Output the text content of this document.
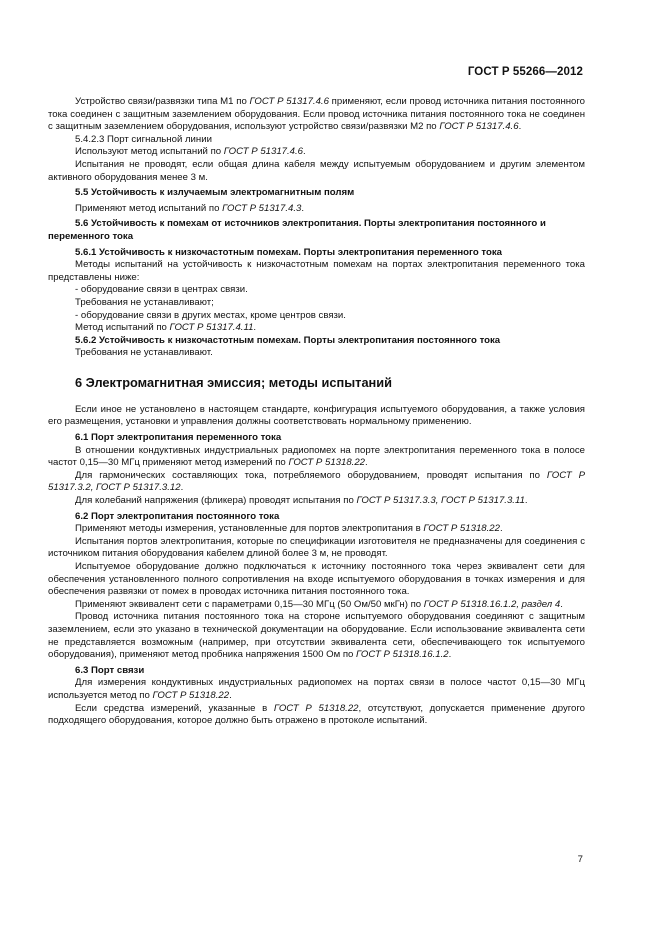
ГОСТ Р 55266—2012

Устройство связи/развязки типа М1 по ГОСТ Р 51317.4.6 применяют, если провод источника питания постоянного тока соединен с защитным заземлением оборудования. Если провод источника питания постоянного тока не соединен с защитным заземлением оборудования, используют устройство связи/развязки М2 по ГОСТ Р 51317.4.6.

5.4.2.3 Порт сигнальной линии

Используют метод испытаний по ГОСТ Р 51317.4.6.

Испытания не проводят, если общая длина кабеля между испытуемым оборудованием и другим элементом активного оборудования менее 3 м.

5.5 Устойчивость к излучаемым электромагнитным полям

Применяют метод испытаний по ГОСТ Р 51317.4.3.

5.6 Устойчивость к помехам от источников электропитания. Порты электропитания постоянного и переменного тока

5.6.1 Устойчивость к низкочастотным помехам. Порты электропитания переменного тока

Методы испытаний на устойчивость к низкочастотным помехам на портах электропитания переменного тока представлены ниже:

- оборудование связи в центрах связи.

Требования не устанавливают;

- оборудование связи в других местах, кроме центров связи.

Метод испытаний по ГОСТ Р 51317.4.11.

5.6.2 Устойчивость к низкочастотным помехам. Порты электропитания постоянного тока

Требования не устанавливают.

6 Электромагнитная эмиссия; методы испытаний

Если иное не установлено в настоящем стандарте, конфигурация испытуемого оборудования, а также условия его размещения, установки и управления должны соответствовать нормальному применению.

6.1 Порт электропитания переменного тока

В отношении кондуктивных индустриальных радиопомех на порте электропитания переменного тока в полосе частот 0,15—30 МГц применяют метод измерений по ГОСТ Р 51318.22.

Для гармонических составляющих тока, потребляемого оборудованием, проводят испытания по ГОСТ Р 51317.3.2, ГОСТ Р 51317.3.12.

Для колебаний напряжения (фликера) проводят испытания по ГОСТ Р 51317.3.3, ГОСТ Р 51317.3.11.

6.2 Порт электропитания постоянного тока

Применяют методы измерения, установленные для портов электропитания в ГОСТ Р 51318.22.

Испытания портов электропитания, которые по спецификации изготовителя не предназначены для соединения с источником питания оборудования кабелем длиной более 3 м, не проводят.

Испытуемое оборудование должно подключаться к источнику постоянного тока через эквивалент сети для обеспечения установленного полного сопротивления на входе испытуемого оборудования в точках измерения и для обеспечения развязки от помех в проводах источника питания постоянного тока.

Применяют эквивалент сети с параметрами 0,15—30 МГц (50 Ом/50 мкГн) по ГОСТ Р 51318.16.1.2, раздел 4.

Провод источника питания постоянного тока на стороне испытуемого оборудования соединяют с защитным заземлением, если это указано в технической документации на оборудование. Если использование эквивалента сети не представляется возможным (например, при отсутствии эквивалента сети, обеспечивающего ток испытуемого оборудования), применяют метод пробника напряжения 1500 Ом по ГОСТ Р 51318.16.1.2.

6.3 Порт связи

Для измерения кондуктивных индустриальных радиопомех на портах связи в полосе частот 0,15—30 МГц используется метод по ГОСТ Р 51318.22.

Если средства измерений, указанные в ГОСТ Р 51318.22, отсутствуют, допускается применение другого подходящего оборудования, которое должно быть отражено в протоколе испытаний.

7
